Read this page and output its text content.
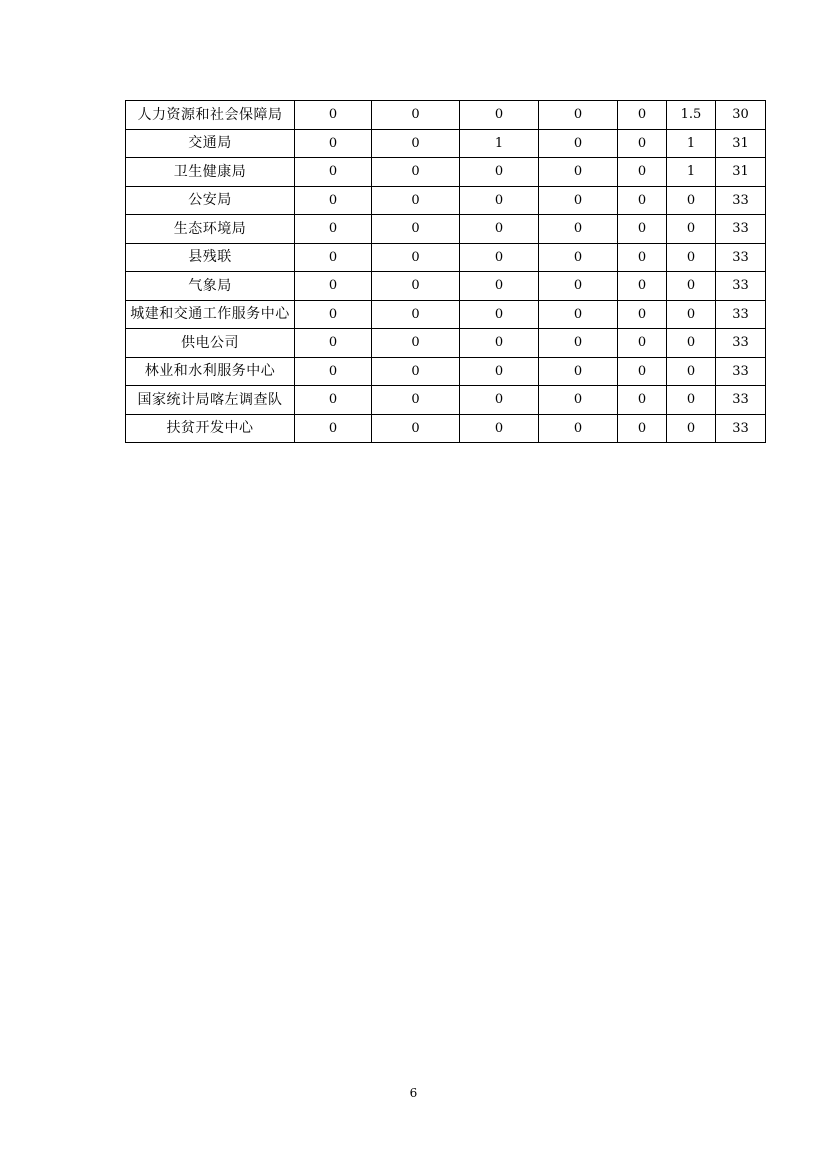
人力资源和社会保障局	0	0	0	0	0	1.5	30
交通局	0	0	1	0	0	1	31
卫生健康局	0	0	0	0	0	1	31
公安局	0	0	0	0	0	0	33
生态环境局	0	0	0	0	0	0	33
县残联	0	0	0	0	0	0	33
气象局	0	0	0	0	0	0	33
城建和交通工作服务中心	0	0	0	0	0	0	33
供电公司	0	0	0	0	0	0	33
林业和水利服务中心	0	0	0	0	0	0	33
国家统计局喀左调查队	0	0	0	0	0	0	33
扶贫开发中心	0	0	0	0	0	0	33
6
